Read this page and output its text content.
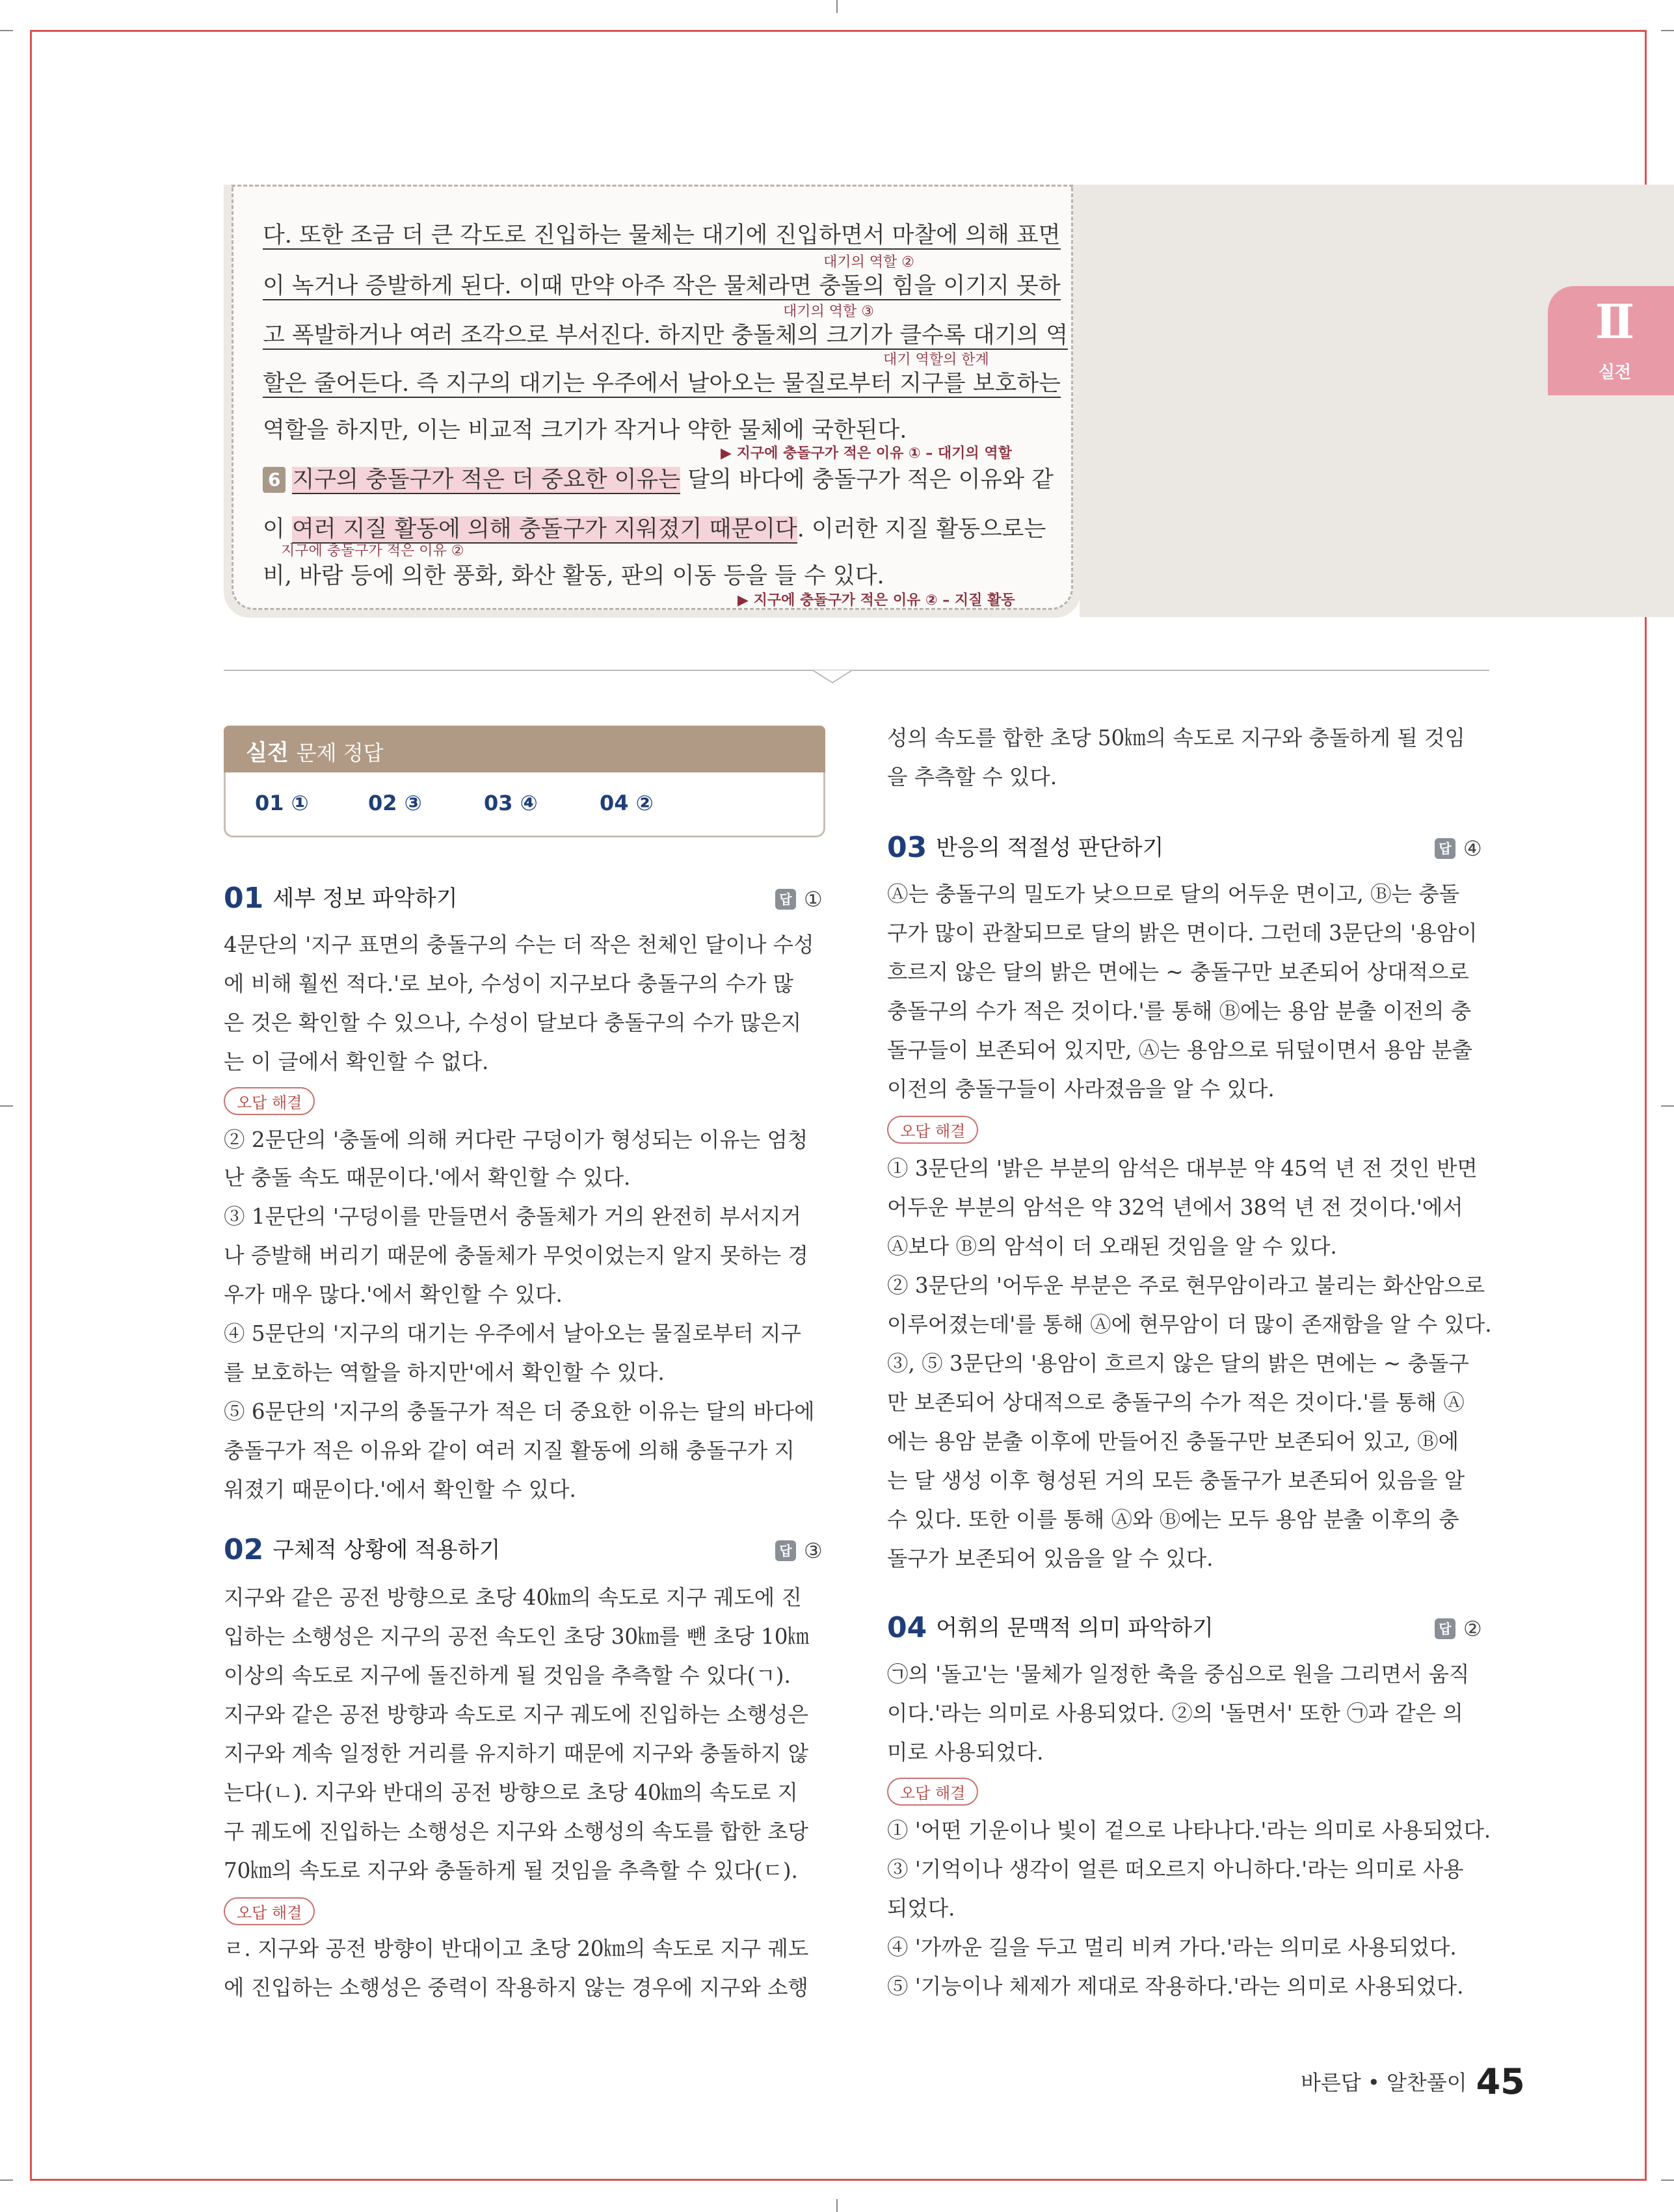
Ⅱ
실전
다. 또한 조금 더 큰 각도로 진입하는 물체는 대기에 진입하면서 마찰에 의해 표면
대기의 역할 ②
이 녹거나 증발하게 된다. 이때 만약 아주 작은 물체라면 충돌의 힘을 이기지 못하
대기의 역할 ③
고 폭발하거나 여러 조각으로 부서진다. 하지만 충돌체의 크기가 클수록 대기의 역
대기 역할의 한계
할은 줄어든다. 즉 지구의 대기는 우주에서 날아오는 물질로부터 지구를 보호하는
역할을 하지만, 이는 비교적 크기가 작거나 약한 물체에 국한된다.
▶ 지구에 충돌구가 적은 이유 ① – 대기의 역할
6 지구의 충돌구가 적은 더 중요한 이유는 달의 바다에 충돌구가 적은 이유와 같
이 여러 지질 활동에 의해 충돌구가 지워졌기 때문이다. 이러한 지질 활동으로는
지구에 충돌구가 적은 이유 ②
비, 바람 등에 의한 풍화, 화산 활동, 판의 이동 등을 들 수 있다.
▶ 지구에 충돌구가 적은 이유 ② – 지질 활동
실전 문제 정답
01 ①	02 ③	03 ④	04 ②
01 세부 정보 파악하기	답 ①
4문단의 '지구 표면의 충돌구의 수는 더 작은 천체인 달이나 수성
에 비해 훨씬 적다.'로 보아, 수성이 지구보다 충돌구의 수가 많
은 것은 확인할 수 있으나, 수성이 달보다 충돌구의 수가 많은지
는 이 글에서 확인할 수 없다.
오답 해결
② 2문단의 '충돌에 의해 커다란 구덩이가 형성되는 이유는 엄청
난 충돌 속도 때문이다.'에서 확인할 수 있다.
③ 1문단의 '구덩이를 만들면서 충돌체가 거의 완전히 부서지거
나 증발해 버리기 때문에 충돌체가 무엇이었는지 알지 못하는 경
우가 매우 많다.'에서 확인할 수 있다.
④ 5문단의 '지구의 대기는 우주에서 날아오는 물질로부터 지구
를 보호하는 역할을 하지만'에서 확인할 수 있다.
⑤ 6문단의 '지구의 충돌구가 적은 더 중요한 이유는 달의 바다에
충돌구가 적은 이유와 같이 여러 지질 활동에 의해 충돌구가 지
워졌기 때문이다.'에서 확인할 수 있다.
02 구체적 상황에 적용하기	답 ③
지구와 같은 공전 방향으로 초당 40㎞의 속도로 지구 궤도에 진
입하는 소행성은 지구의 공전 속도인 초당 30㎞를 뺀 초당 10㎞
이상의 속도로 지구에 돌진하게 될 것임을 추측할 수 있다(ㄱ).
지구와 같은 공전 방향과 속도로 지구 궤도에 진입하는 소행성은
지구와 계속 일정한 거리를 유지하기 때문에 지구와 충돌하지 않
는다(ㄴ). 지구와 반대의 공전 방향으로 초당 40㎞의 속도로 지
구 궤도에 진입하는 소행성은 지구와 소행성의 속도를 합한 초당
70㎞의 속도로 지구와 충돌하게 될 것임을 추측할 수 있다(ㄷ).
오답 해결
ㄹ. 지구와 공전 방향이 반대이고 초당 20㎞의 속도로 지구 궤도
에 진입하는 소행성은 중력이 작용하지 않는 경우에 지구와 소행
성의 속도를 합한 초당 50㎞의 속도로 지구와 충돌하게 될 것임
을 추측할 수 있다.
03 반응의 적절성 판단하기	답 ④
Ⓐ는 충돌구의 밀도가 낮으므로 달의 어두운 면이고, Ⓑ는 충돌
구가 많이 관찰되므로 달의 밝은 면이다. 그런데 3문단의 '용암이
흐르지 않은 달의 밝은 면에는 ~ 충돌구만 보존되어 상대적으로
충돌구의 수가 적은 것이다.'를 통해 Ⓑ에는 용암 분출 이전의 충
돌구들이 보존되어 있지만, Ⓐ는 용암으로 뒤덮이면서 용암 분출
이전의 충돌구들이 사라졌음을 알 수 있다.
오답 해결
① 3문단의 '밝은 부분의 암석은 대부분 약 45억 년 전 것인 반면
어두운 부분의 암석은 약 32억 년에서 38억 년 전 것이다.'에서
Ⓐ보다 Ⓑ의 암석이 더 오래된 것임을 알 수 있다.
② 3문단의 '어두운 부분은 주로 현무암이라고 불리는 화산암으로
이루어졌는데'를 통해 Ⓐ에 현무암이 더 많이 존재함을 알 수 있다.
③, ⑤ 3문단의 '용암이 흐르지 않은 달의 밝은 면에는 ~ 충돌구
만 보존되어 상대적으로 충돌구의 수가 적은 것이다.'를 통해 Ⓐ
에는 용암 분출 이후에 만들어진 충돌구만 보존되어 있고, Ⓑ에
는 달 생성 이후 형성된 거의 모든 충돌구가 보존되어 있음을 알
수 있다. 또한 이를 통해 Ⓐ와 Ⓑ에는 모두 용암 분출 이후의 충
돌구가 보존되어 있음을 알 수 있다.
04 어휘의 문맥적 의미 파악하기	답 ②
㉠의 '돌고'는 '물체가 일정한 축을 중심으로 원을 그리면서 움직
이다.'라는 의미로 사용되었다. ②의 '돌면서' 또한 ㉠과 같은 의
미로 사용되었다.
오답 해결
① '어떤 기운이나 빛이 겉으로 나타나다.'라는 의미로 사용되었다.
③ '기억이나 생각이 얼른 떠오르지 아니하다.'라는 의미로 사용
되었다.
④ '가까운 길을 두고 멀리 비켜 가다.'라는 의미로 사용되었다.
⑤ '기능이나 체제가 제대로 작용하다.'라는 의미로 사용되었다.
바른답 • 알찬풀이 45
